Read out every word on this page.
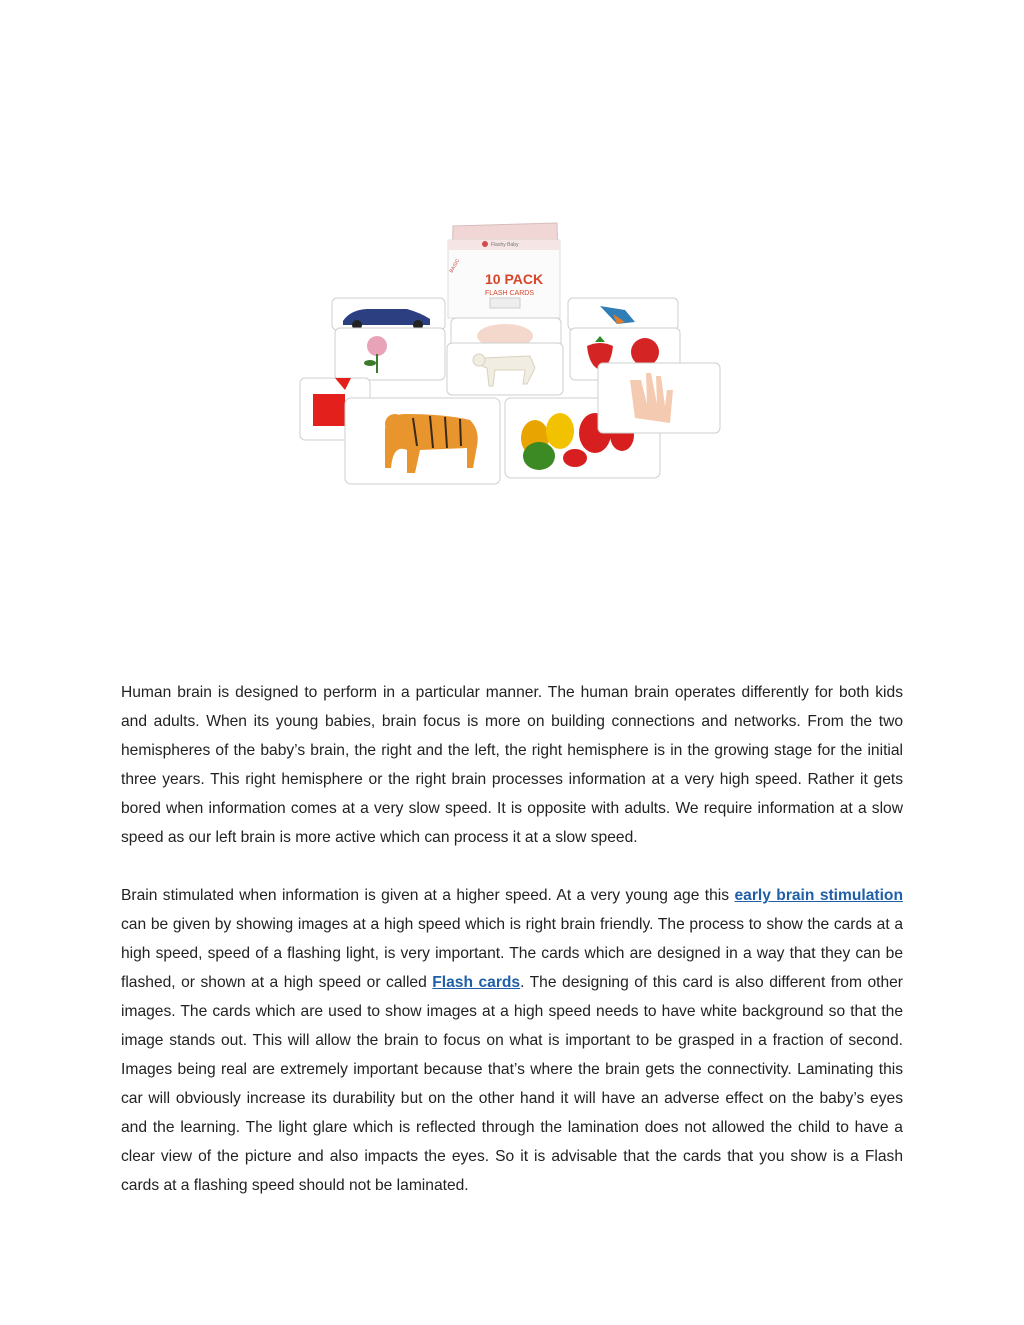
Flashy Baby
10 PACK
FLASH CARDS
BASIC

Human brain is designed to perform in a particular manner. The human brain operates differently for both kids and adults. When its young babies, brain focus is more on building connections and networks. From the two hemispheres of the baby’s brain, the right and the left, the right hemisphere is in the growing stage for the initial three years. This right hemisphere or the right brain processes information at a very high speed. Rather it gets bored when information comes at a very slow speed. It is opposite with adults. We require information at a slow speed as our left brain is more active which can process it at a slow speed.

Brain stimulated when information is given at a higher speed. At a very young age this early brain stimulation can be given by showing images at a high speed which is right brain friendly. The process to show the cards at a high speed, speed of a flashing light, is very important. The cards which are designed in a way that they can be flashed, or shown at a high speed or called Flash cards. The designing of this card is also different from other images. The cards which are used to show images at a high speed needs to have white background so that the image stands out. This will allow the brain to focus on what is important to be grasped in a fraction of second. Images being real are extremely important because that’s where the brain gets the connectivity. Laminating this car will obviously increase its durability but on the other hand it will have an adverse effect on the baby’s eyes and the learning. The light glare which is reflected through the lamination does not allowed the child to have a clear view of the picture and also impacts the eyes. So it is advisable that the cards that you show is a Flash cards at a flashing speed should not be laminated.
